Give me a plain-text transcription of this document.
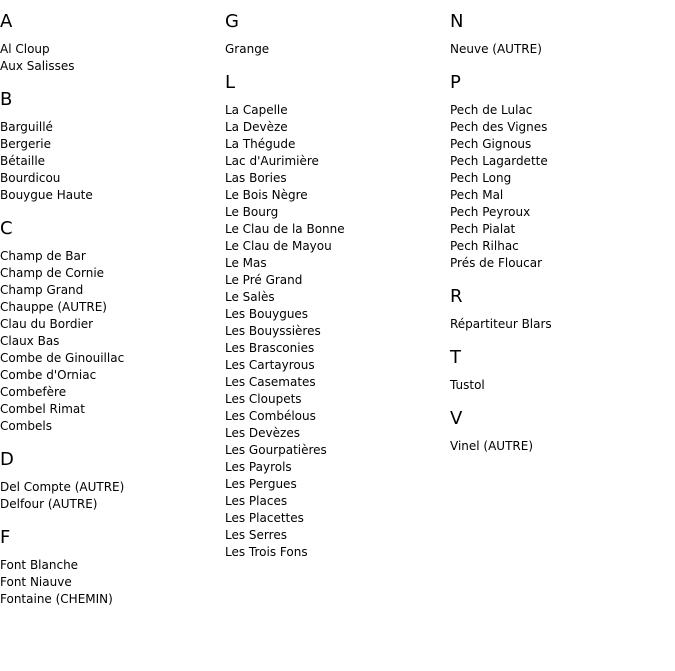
A
Al Cloup
Aux Salisses
B
Barguillé
Bergerie
Bétaille
Bourdicou
Bouygue Haute
C
Champ de Bar
Champ de Cornie
Champ Grand
Chauppe (AUTRE)
Clau du Bordier
Claux Bas
Combe de Ginouillac
Combe d'Orniac
Combefère
Combel Rimat
Combels
D
Del Compte (AUTRE)
Delfour (AUTRE)
F
Font Blanche
Font Niauve
Fontaine (CHEMIN)
G
Grange
L
La Capelle
La Devèze
La Thégude
Lac d'Aurimière
Las Bories
Le Bois Nègre
Le Bourg
Le Clau de la Bonne
Le Clau de Mayou
Le Mas
Le Pré Grand
Le Salès
Les Bouygues
Les Bouyssières
Les Brasconies
Les Cartayrous
Les Casemates
Les Cloupets
Les Combélous
Les Devèzes
Les Gourpatières
Les Payrols
Les Pergues
Les Places
Les Placettes
Les Serres
Les Trois Fons
N
Neuve (AUTRE)
P
Pech de Lulac
Pech des Vignes
Pech Gignous
Pech Lagardette
Pech Long
Pech Mal
Pech Peyroux
Pech Pialat
Pech Rilhac
Prés de Floucar
R
Répartiteur Blars
T
Tustol
V
Vinel (AUTRE)
